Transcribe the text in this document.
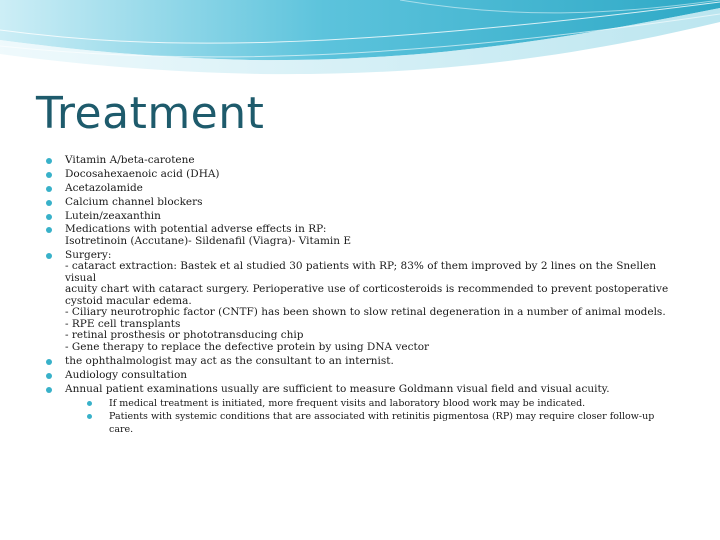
Treatment
Vitamin A/beta-carotene
Docosahexaenoic acid (DHA)
Acetazolamide
Calcium channel blockers
Lutein/zeaxanthin
Medications with potential adverse effects in RP:
Isotretinoin (Accutane)- Sildenafil (Viagra)- Vitamin E
Surgery:
- cataract extraction: Bastek et al studied 30 patients with RP; 83% of them improved by 2 lines on the Snellen visual
acuity chart with cataract surgery. Perioperative use of corticosteroids is recommended to prevent postoperative
cystoid macular edema.
- Ciliary neurotrophic factor (CNTF) has been shown to slow retinal degeneration in a number of animal models.
- RPE cell transplants
- retinal prosthesis or phototransducing chip
- Gene therapy to replace the defective protein by using DNA vector
the ophthalmologist may act as the consultant to an internist.
Audiology consultation
Annual patient examinations usually are sufficient to measure Goldmann visual field and visual acuity.
If medical treatment is initiated, more frequent visits and laboratory blood work may be indicated.
Patients with systemic conditions that are associated with retinitis pigmentosa (RP) may require closer follow-up care.
